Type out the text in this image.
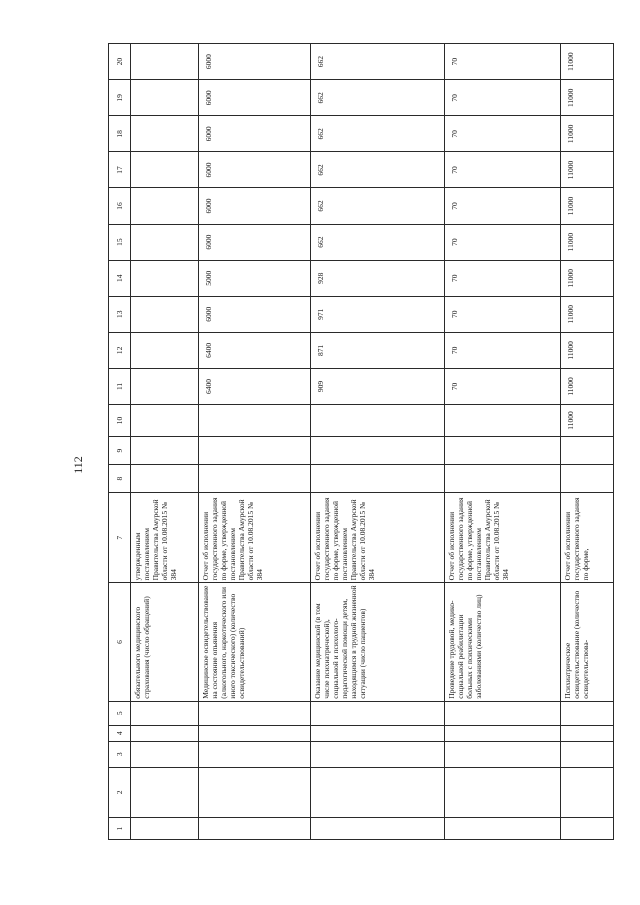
112
1	2	3	4	5	6	7	8	9	10	11	12	13	14	15	16	17	18	19	20
					обязательного медицинского страхования (число обращений)	утвержденным постановлением Правительства Амурской области от 10.08.2015 № 384													
					Медицинское освидетельствование на состояние опьянения (алкогольного, наркотического или иного токсического) (количество освидетельствований)	Отчет об исполнении государственного задания по форме, утвержденной постановлением Правительства Амурской области от 10.08.2015 № 384				6400	6400	6000	5000	6000	6000	6000	6000	6000	6000
					Оказание медицинской (в том числе психиатрической), социальной и психолого-педагогической помощи детям, находящимся в трудной жизненной ситуации (число пациентов)	Отчет об исполнении государственного задания по форме, утвержденной постановлением Правительства Амурской области от 10.08.2015 № 384				909	871	971	928	662	662	662	662	662	662
					Проведение трудовой, медико-социальной реабилитации больных с психическими заболеваниями (количество лиц)	Отчет об исполнении государственного задания по форме, утвержденной постановлением Правительства Амурской области от 10.08.2015 № 384				70	70	70	70	70	70	70	70	70	70
					Психиатрическое освидетельствование (количество освидетельствова-	Отчет об исполнении государственного задания по форме,			11000	11000	11000	11000	11000	11000	11000	11000	11000	11000	11000
